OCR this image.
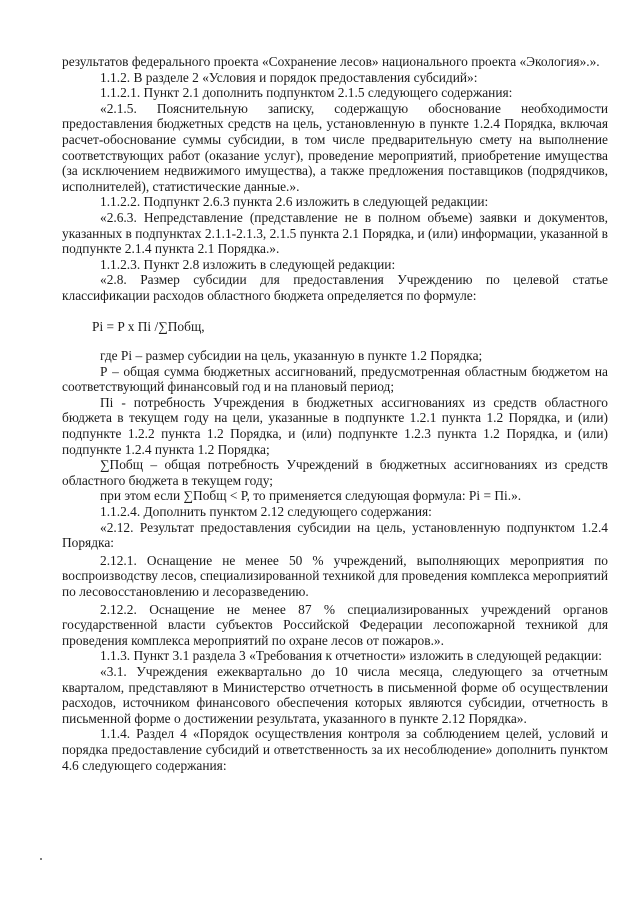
результатов федерального проекта «Сохранение лесов» национального проекта «Экология».».

1.1.2. В разделе 2 «Условия и порядок предоставления субсидий»:

1.1.2.1. Пункт 2.1 дополнить подпунктом 2.1.5 следующего содержания:

«2.1.5. Пояснительную записку, содержащую обоснование необходимости предоставления бюджетных средств на цель, установленную в пункте 1.2.4 Порядка, включая расчет-обоснование суммы субсидии, в том числе предварительную смету на выполнение соответствующих работ (оказание услуг), проведение мероприятий, приобретение имущества (за исключением недвижимого имущества), а также предложения поставщиков (подрядчиков, исполнителей), статистические данные.».

1.1.2.2. Подпункт 2.6.3 пункта 2.6 изложить в следующей редакции:

«2.6.3. Непредставление (представление не в полном объеме) заявки и документов, указанных в подпунктах 2.1.1-2.1.3, 2.1.5 пункта 2.1 Порядка, и (или) информации, указанной в подпункте 2.1.4 пункта 2.1 Порядка.».

1.1.2.3. Пункт 2.8 изложить в следующей редакции:

«2.8. Размер субсидии для предоставления Учреждению по целевой статье классификации расходов областного бюджета определяется по формуле:

Pi = P x Пi /∑Побщ,

где Pi – размер субсидии на цель, указанную в пункте 1.2 Порядка;

Р – общая сумма бюджетных ассигнований, предусмотренная областным бюджетом на соответствующий финансовый год и на плановый период;

Пi - потребность Учреждения в бюджетных ассигнованиях из средств областного бюджета в текущем году на цели, указанные в подпункте 1.2.1 пункта 1.2 Порядка, и (или) подпункте 1.2.2 пункта 1.2 Порядка, и (или) подпункте 1.2.3 пункта 1.2 Порядка, и (или) подпункте 1.2.4 пункта 1.2 Порядка;

∑Побщ – общая потребность Учреждений в бюджетных ассигнованиях из средств областного бюджета в текущем году;

при этом если ∑Побщ < Р, то применяется следующая формула: Pi = Пi.».

1.1.2.4. Дополнить пунктом 2.12 следующего содержания:

«2.12. Результат предоставления субсидии на цель, установленную подпунктом 1.2.4 Порядка:

2.12.1. Оснащение не менее 50 % учреждений, выполняющих мероприятия по воспроизводству лесов, специализированной техникой для проведения комплекса мероприятий по лесовосстановлению и лесоразведению.

2.12.2. Оснащение не менее 87 % специализированных учреждений органов государственной власти субъектов Российской Федерации лесопожарной техникой для проведения комплекса мероприятий по охране лесов от пожаров.».

1.1.3. Пункт 3.1 раздела 3 «Требования к отчетности» изложить в следующей редакции:

«3.1. Учреждения ежеквартально до 10 числа месяца, следующего за отчетным кварталом, представляют в Министерство отчетность в письменной форме об осуществлении расходов, источником финансового обеспечения которых являются субсидии, отчетность в письменной форме о достижении результата, указанного в пункте 2.12 Порядка».

1.1.4. Раздел 4 «Порядок осуществления контроля за соблюдением целей, условий и порядка предоставление субсидий и ответственность за их несоблюдение» дополнить пунктом 4.6 следующего содержания:
